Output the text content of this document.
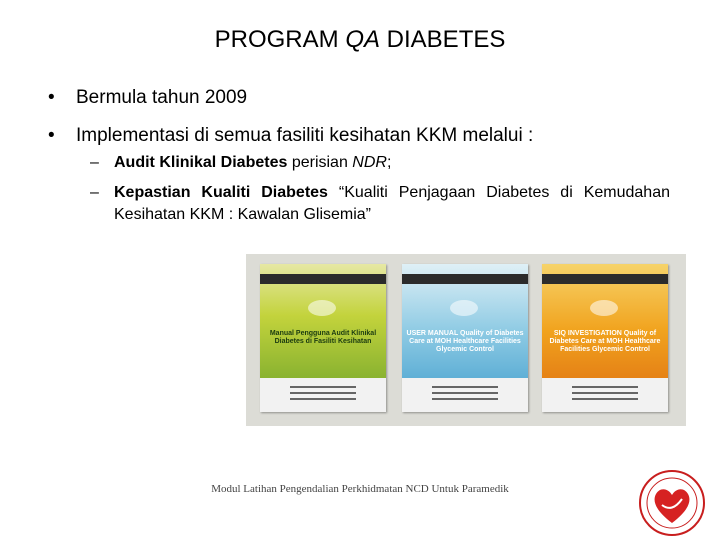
PROGRAM QA DIABETES
• Bermula tahun 2009
• Implementasi di semua fasiliti kesihatan KKM melalui :
– Audit Klinikal Diabetes perisian NDR;
– Kepastian Kualiti Diabetes “Kualiti Penjagaan Diabetes di Kemudahan Kesihatan KKM : Kawalan Glisemia”
Manual Pengguna Audit Klinikal Diabetes di Fasiliti Kesihatan
USER MANUAL Quality of Diabetes Care at MOH Healthcare Facilities Glycemic Control
SIQ INVESTIGATION Quality of Diabetes Care at MOH Healthcare Facilities Glycemic Control
Modul Latihan Pengendalian Perkhidmatan NCD Untuk Paramedik
